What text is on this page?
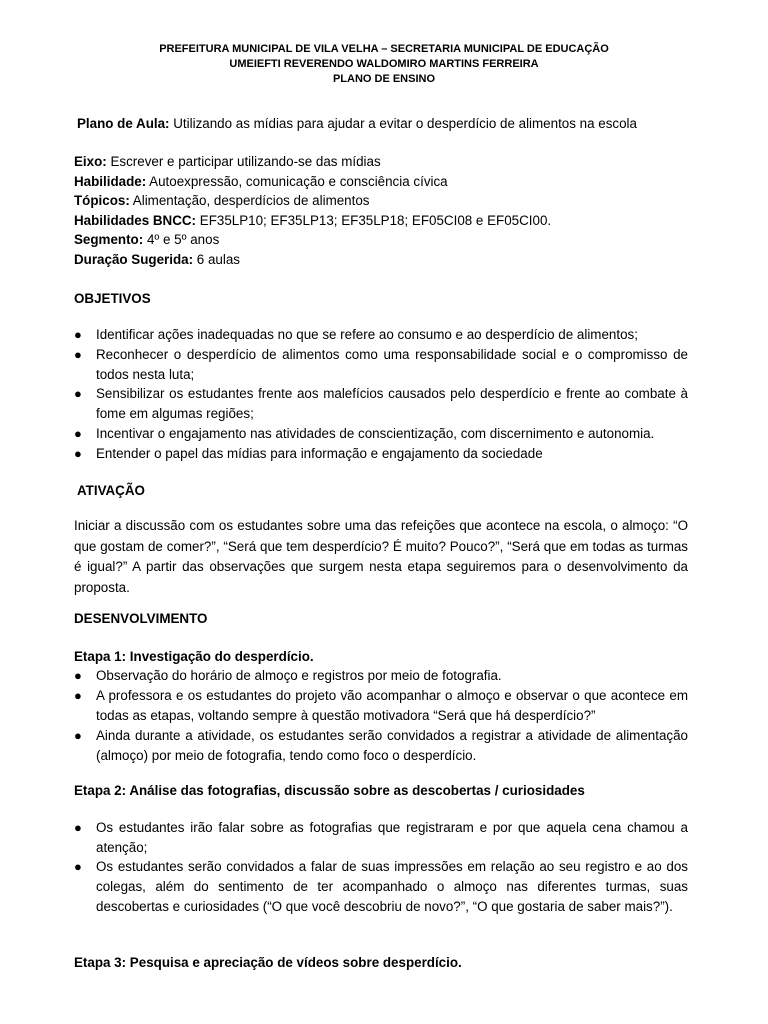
PREFEITURA MUNICIPAL DE VILA VELHA – SECRETARIA MUNICIPAL DE EDUCAÇÃO
UMEIEFTI REVERENDO WALDOMIRO MARTINS FERREIRA
PLANO DE ENSINO
Plano de Aula: Utilizando as mídias para ajudar a evitar o desperdício de alimentos na escola
Eixo: Escrever e participar utilizando-se das mídias
Habilidade: Autoexpressão, comunicação e consciência cívica
Tópicos: Alimentação, desperdícios de alimentos
Habilidades BNCC: EF35LP10; EF35LP13; EF35LP18; EF05CI08 e EF05CI00.
Segmento: 4º e 5º anos
Duração Sugerida: 6 aulas
OBJETIVOS
● Identificar ações inadequadas no que se refere ao consumo e ao desperdício de alimentos;
● Reconhecer o desperdício de alimentos como uma responsabilidade social e o compromisso de todos nesta luta;
● Sensibilizar os estudantes frente aos malefícios causados pelo desperdício e frente ao combate à fome em algumas regiões;
● Incentivar o engajamento nas atividades de conscientização, com discernimento e autonomia.
● Entender o papel das mídias para informação e engajamento da sociedade
ATIVAÇÃO
Iniciar a discussão com os estudantes sobre uma das refeições que acontece na escola, o almoço: “O que gostam de comer?”, “Será que tem desperdício? É muito? Pouco?”, “Será que em todas as turmas é igual?” A partir das observações que surgem nesta etapa seguiremos para o desenvolvimento da proposta.
DESENVOLVIMENTO
Etapa 1: Investigação do desperdício.
● Observação do horário de almoço e registros por meio de fotografia.
● A professora e os estudantes do projeto vão acompanhar o almoço e observar o que acontece em todas as etapas, voltando sempre à questão motivadora “Será que há desperdício?”
● Ainda durante a atividade, os estudantes serão convidados a registrar a atividade de alimentação (almoço) por meio de fotografia, tendo como foco o desperdício.
Etapa 2: Análise das fotografias, discussão sobre as descobertas / curiosidades
● Os estudantes irão falar sobre as fotografias que registraram e por que aquela cena chamou a atenção;
● Os estudantes serão convidados a falar de suas impressões em relação ao seu registro e ao dos colegas, além do sentimento de ter acompanhado o almoço nas diferentes turmas, suas descobertas e curiosidades (“O que você descobriu de novo?”, “O que gostaria de saber mais?”).
Etapa 3: Pesquisa e apreciação de vídeos sobre desperdício.
